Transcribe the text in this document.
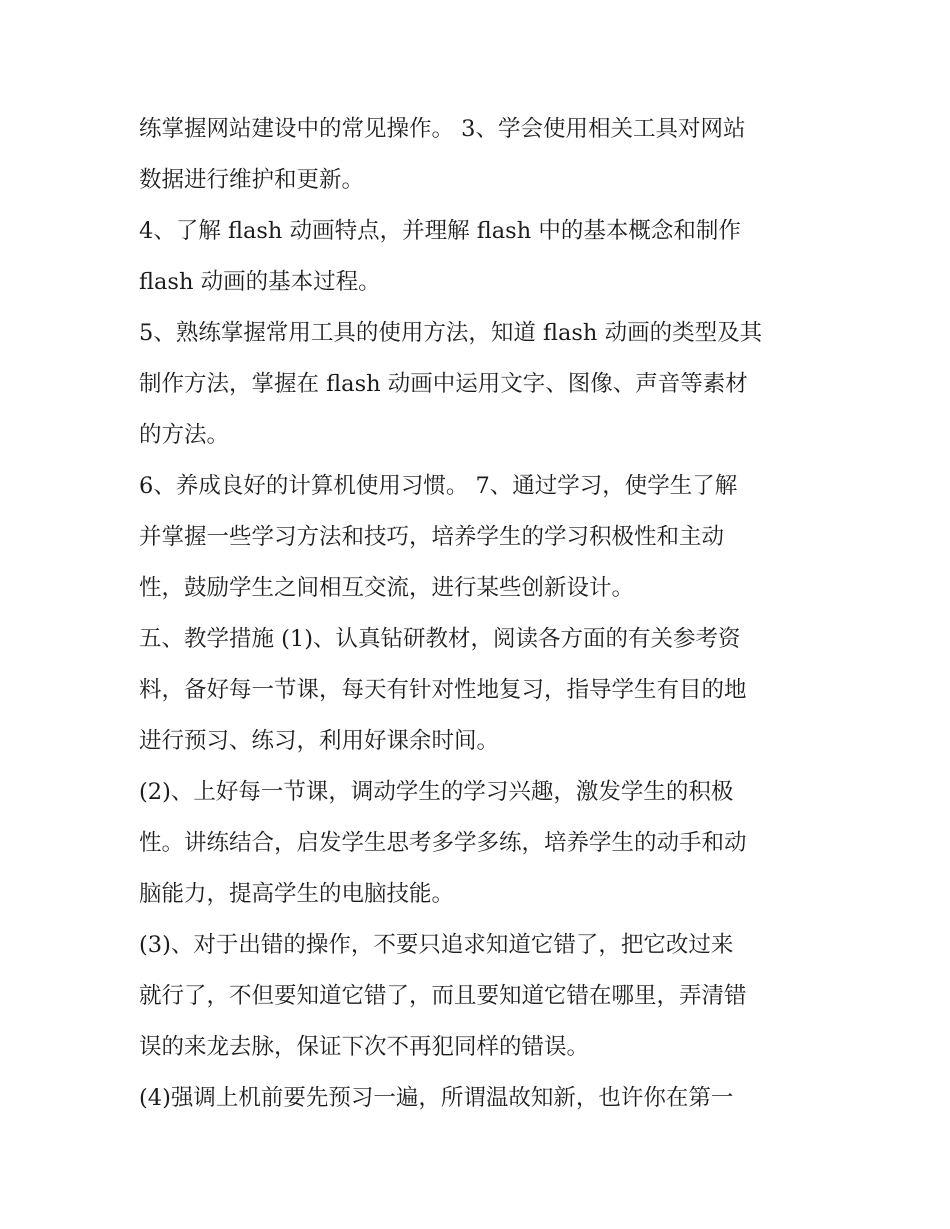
练掌握网站建设中的常见操作。 3、学会使用相关工具对网站
数据进行维护和更新。
4、了解 flash 动画特点，并理解 flash 中的基本概念和制作
flash 动画的基本过程。
5、熟练掌握常用工具的使用方法，知道 flash 动画的类型及其
制作方法，掌握在 flash 动画中运用文字、图像、声音等素材
的方法。
6、养成良好的计算机使用习惯。 7、通过学习，使学生了解
并掌握一些学习方法和技巧，培养学生的学习积极性和主动
性，鼓励学生之间相互交流，进行某些创新设计。
五、教学措施 (1)、认真钻研教材，阅读各方面的有关参考资
料，备好每一节课，每天有针对性地复习，指导学生有目的地
进行预习、练习，利用好课余时间。
(2)、上好每一节课，调动学生的学习兴趣，激发学生的积极
性。讲练结合，启发学生思考多学多练，培养学生的动手和动
脑能力，提高学生的电脑技能。
(3)、对于出错的操作，不要只追求知道它错了，把它改过来
就行了，不但要知道它错了，而且要知道它错在哪里，弄清错
误的来龙去脉，保证下次不再犯同样的错误。
(4)强调上机前要先预习一遍，所谓温故知新，也许你在第一
